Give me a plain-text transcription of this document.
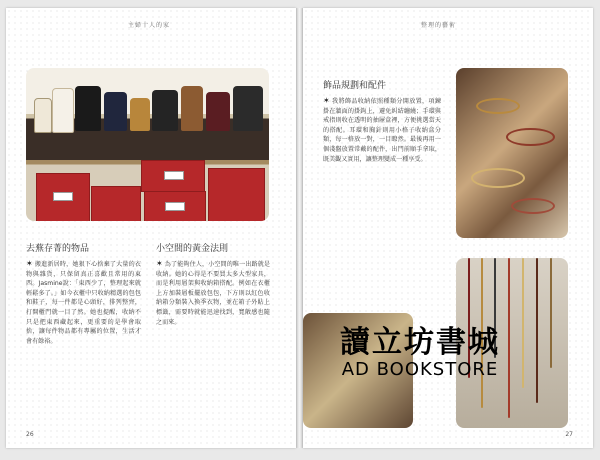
主婦十人的家
去蕪存菁的物品
✶ 搬進新居時，她狠下心捨棄了大量的衣物與雜貨，只保留真正喜歡且常用的東西。Jasmine說：「東西少了，整理起來就輕鬆多了。」如今衣櫃中只收納精選的包包和鞋子，每一件都是心頭好，排列整齊，打開櫃門就一目了然。她也提醒，收納不只是把東西藏起來，更重要的是學會取捨，讓每件物品都有專屬的位置，生活才會有餘裕。
小空間的黃金法則
✶ 為了能夠住人，小空間的唯一出路就是收納。她的心得是不要買太多大型家具，而是利用層架與收納箱搭配。例如在衣櫃上方加裝層板擺放包包，下方則以紅色收納箱分類裝入換季衣物，並在箱子外貼上標籤，需要時就能迅速找到，寬敞感也隨之而來。
26
整理的藝術
飾品規劃和配件
✶ 我將飾品收納依照種類分開放置，項鍊掛在牆面的掛鉤上，避免糾結纏繞；手環與戒指則收在透明的抽屜盒裡，方便挑選當天的搭配。耳環和胸針則用小格子收納盒分類，每一格放一對，一目瞭然。最後再用一個淺盤放置常戴的配件，出門前順手拿取，既美觀又實用，讓整理變成一種享受。
27
讀立坊書城
AD BOOKSTORE
